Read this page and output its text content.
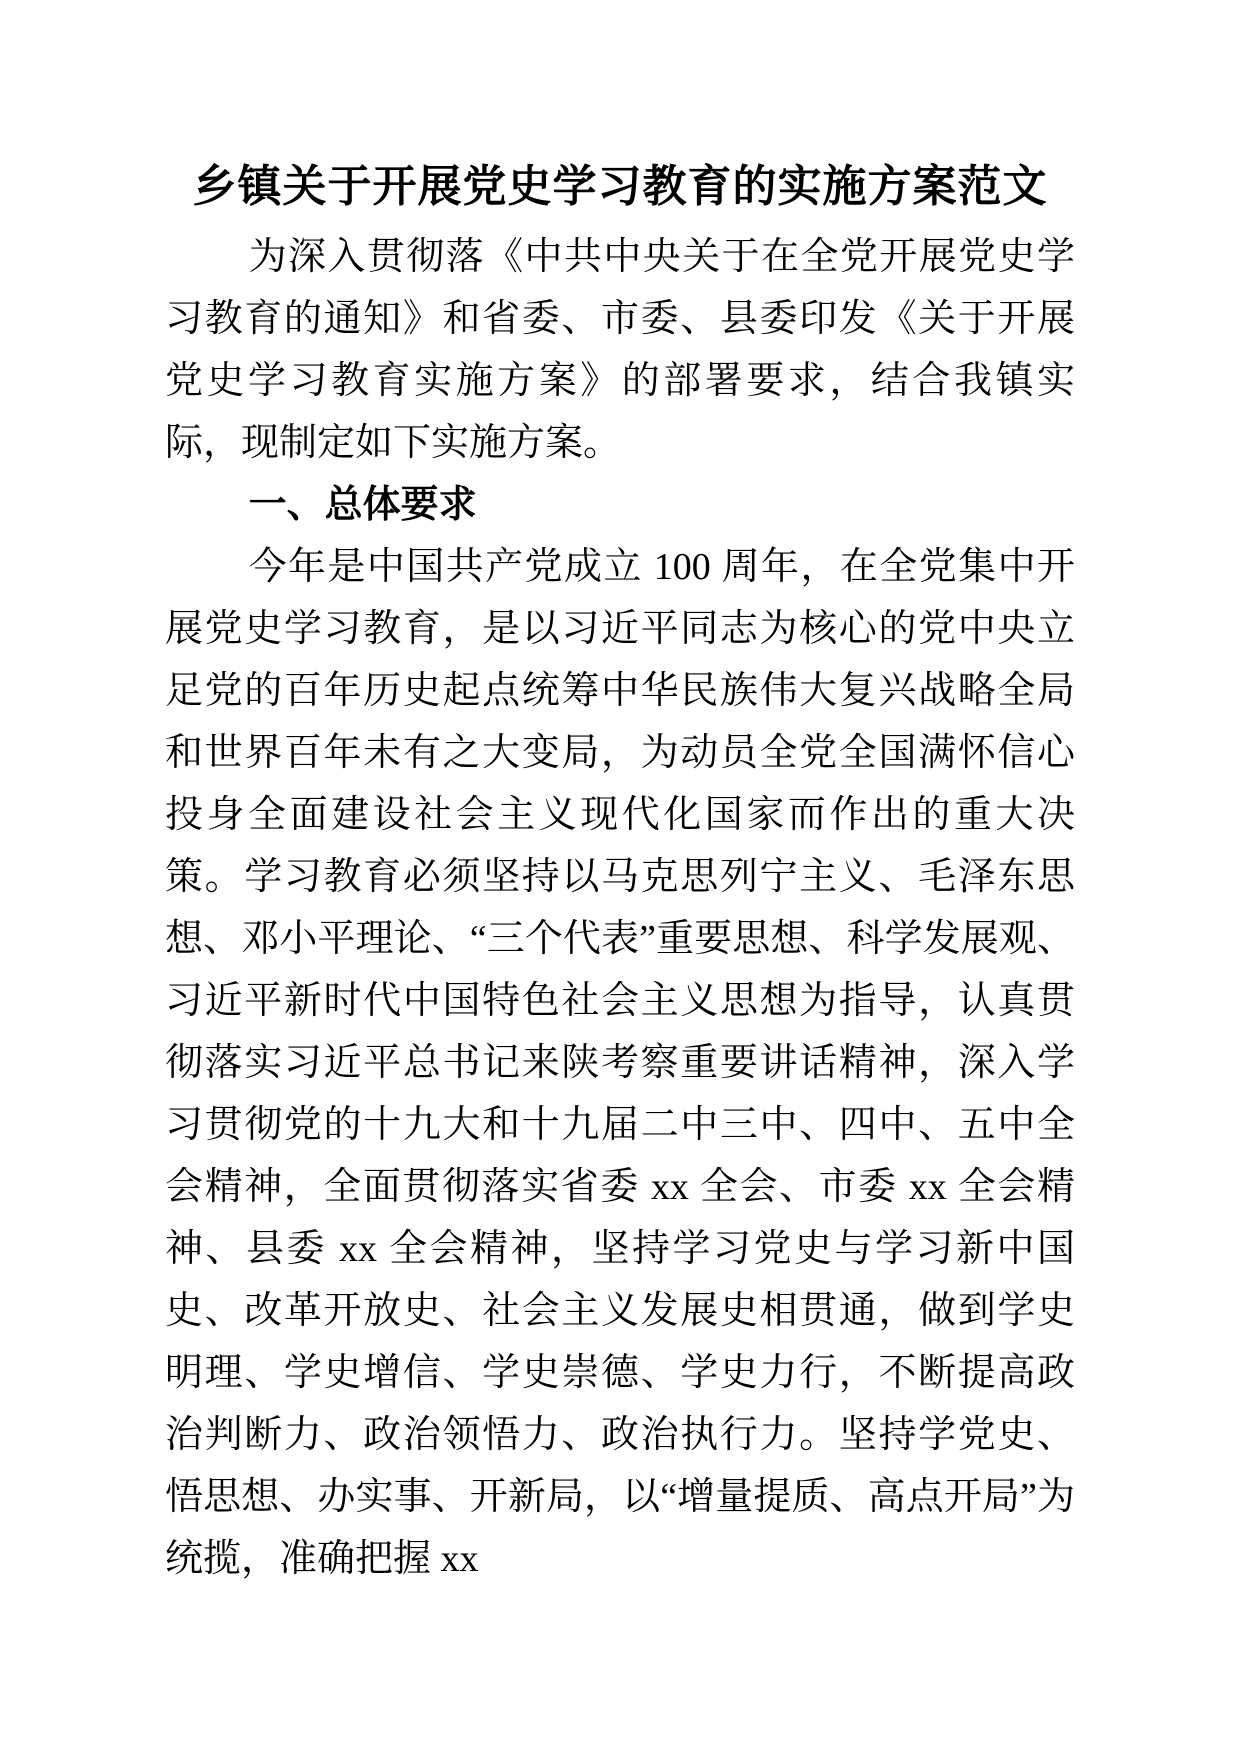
乡镇关于开展党史学习教育的实施方案范文

为深入贯彻落《中共中央关于在全党开展党史学习教育的通知》和省委、市委、县委印发《关于开展党史学习教育实施方案》的部署要求，结合我镇实际，现制定如下实施方案。

一、总体要求

今年是中国共产党成立 100 周年，在全党集中开展党史学习教育，是以习近平同志为核心的党中央立足党的百年历史起点统筹中华民族伟大复兴战略全局和世界百年未有之大变局，为动员全党全国满怀信心投身全面建设社会主义现代化国家而作出的重大决策。学习教育必须坚持以马克思列宁主义、毛泽东思想、邓小平理论、“三个代表”重要思想、科学发展观、习近平新时代中国特色社会主义思想为指导，认真贯彻落实习近平总书记来陕考察重要讲话精神，深入学习贯彻党的十九大和十九届二中三中、四中、五中全会精神，全面贯彻落实省委 xx 全会、市委 xx 全会精神、县委 xx 全会精神，坚持学习党史与学习新中国史、改革开放史、社会主义发展史相贯通，做到学史明理、学史增信、学史崇德、学史力行，不断提高政治判断力、政治领悟力、政治执行力。坚持学党史、悟思想、办实事、开新局，以“增量提质、高点开局”为统揽，准确把握 xx
